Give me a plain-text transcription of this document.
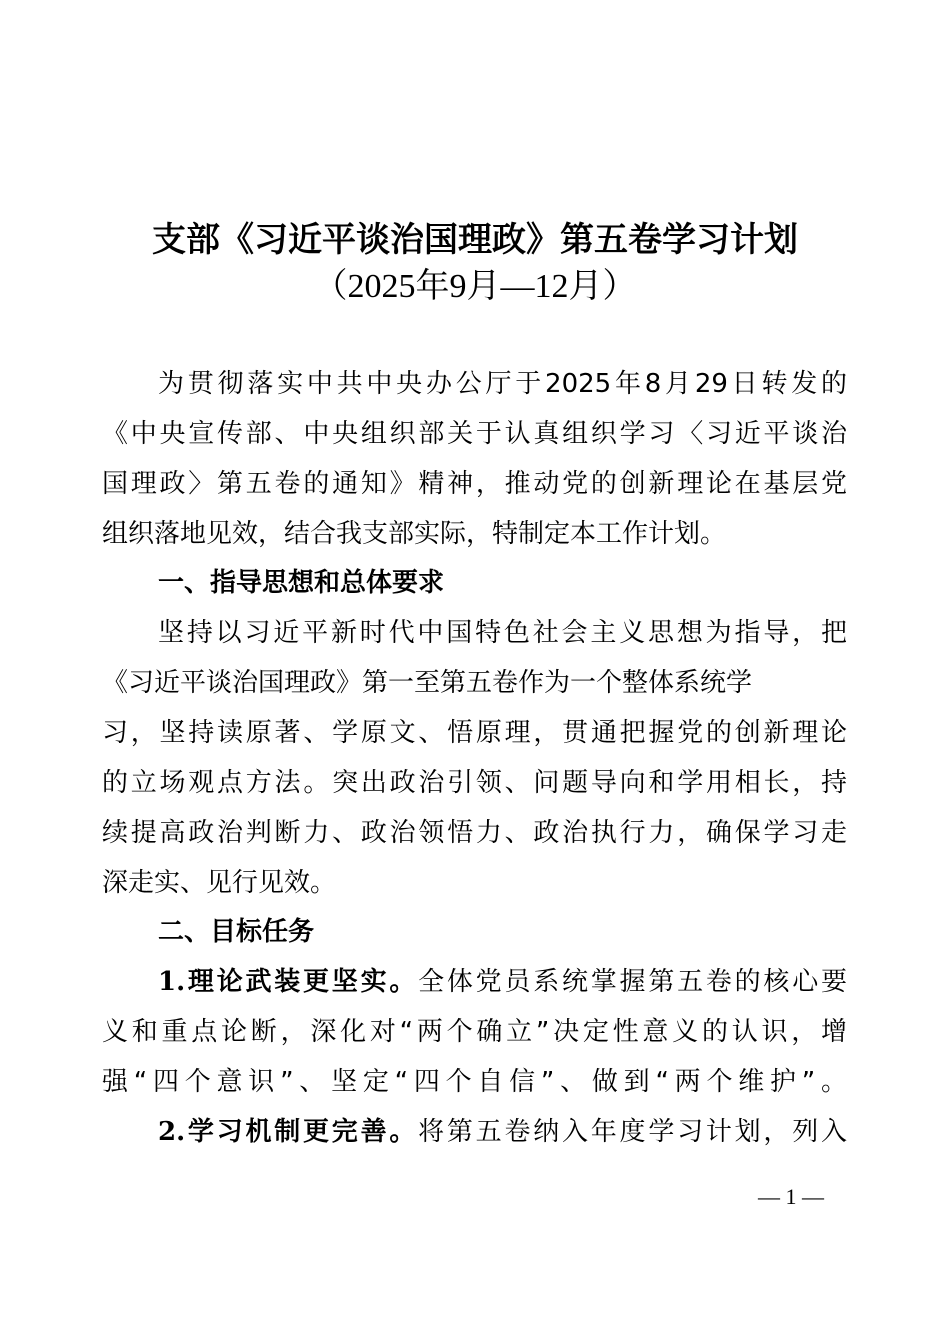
支部《习近平谈治国理政》第五卷学习计划
（2025年9月—12月）
为贯彻落实中共中央办公厅于2025年8月29日转发的
《中央宣传部、中央组织部关于认真组织学习〈习近平谈治
国理政〉第五卷的通知》精神，推动党的创新理论在基层党
组织落地见效，结合我支部实际，特制定本工作计划。
一、指导思想和总体要求
坚持以习近平新时代中国特色社会主义思想为指导，把
《习近平谈治国理政》第一至第五卷作为一个整体系统学
习，坚持读原著、学原文、悟原理，贯通把握党的创新理论
的立场观点方法。突出政治引领、问题导向和学用相长，持
续提高政治判断力、政治领悟力、政治执行力，确保学习走
深走实、见行见效。
二、目标任务
1.理论武装更坚实。全体党员系统掌握第五卷的核心要
义和重点论断，深化对“两个确立”决定性意义的认识，增
强“四个意识”、坚定“四个自信”、做到“两个维护”。
2.学习机制更完善。将第五卷纳入年度学习计划，列入
— 1 —
